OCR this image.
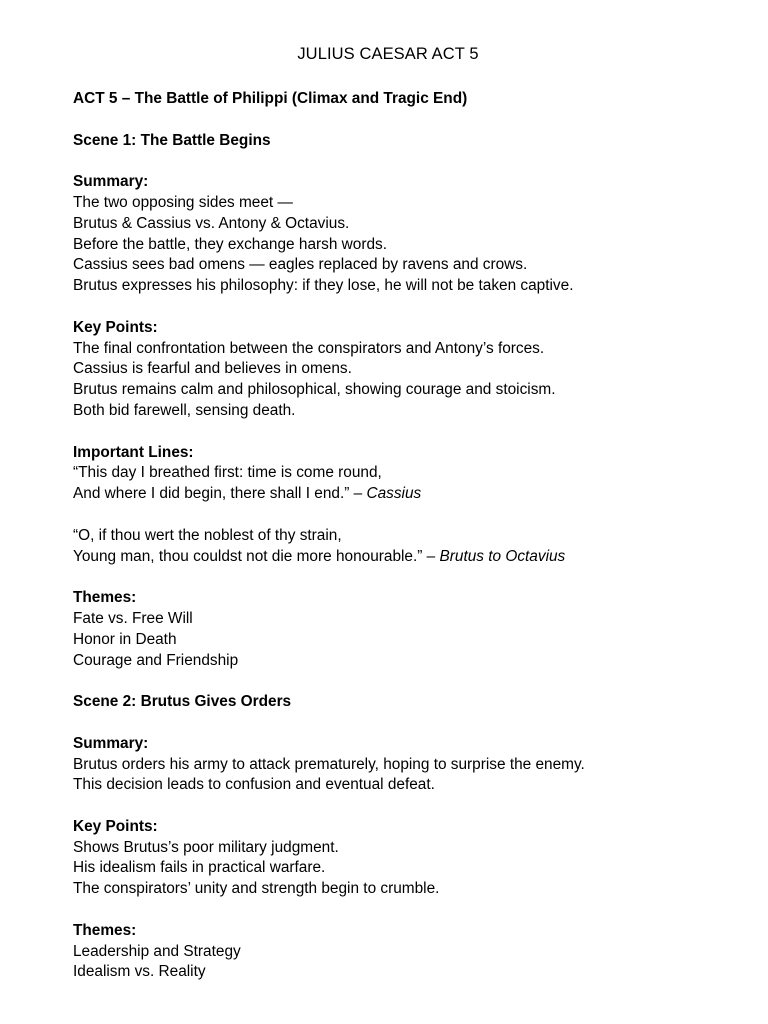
JULIUS CAESAR ACT 5

ACT 5 – The Battle of Philippi (Climax and Tragic End)

Scene 1: The Battle Begins

Summary:

The two opposing sides meet —

Brutus & Cassius vs. Antony & Octavius.

Before the battle, they exchange harsh words.

Cassius sees bad omens — eagles replaced by ravens and crows.

Brutus expresses his philosophy: if they lose, he will not be taken captive.

Key Points:

The final confrontation between the conspirators and Antony’s forces.

Cassius is fearful and believes in omens.

Brutus remains calm and philosophical, showing courage and stoicism.

Both bid farewell, sensing death.

Important Lines:

“This day I breathed first: time is come round,

And where I did begin, there shall I end.” – Cassius

“O, if thou wert the noblest of thy strain,

Young man, thou couldst not die more honourable.” – Brutus to Octavius

Themes:

Fate vs. Free Will

Honor in Death

Courage and Friendship

Scene 2: Brutus Gives Orders

Summary:

Brutus orders his army to attack prematurely, hoping to surprise the enemy.

This decision leads to confusion and eventual defeat.

Key Points:

Shows Brutus’s poor military judgment.

His idealism fails in practical warfare.

The conspirators’ unity and strength begin to crumble.

Themes:

Leadership and Strategy

Idealism vs. Reality
